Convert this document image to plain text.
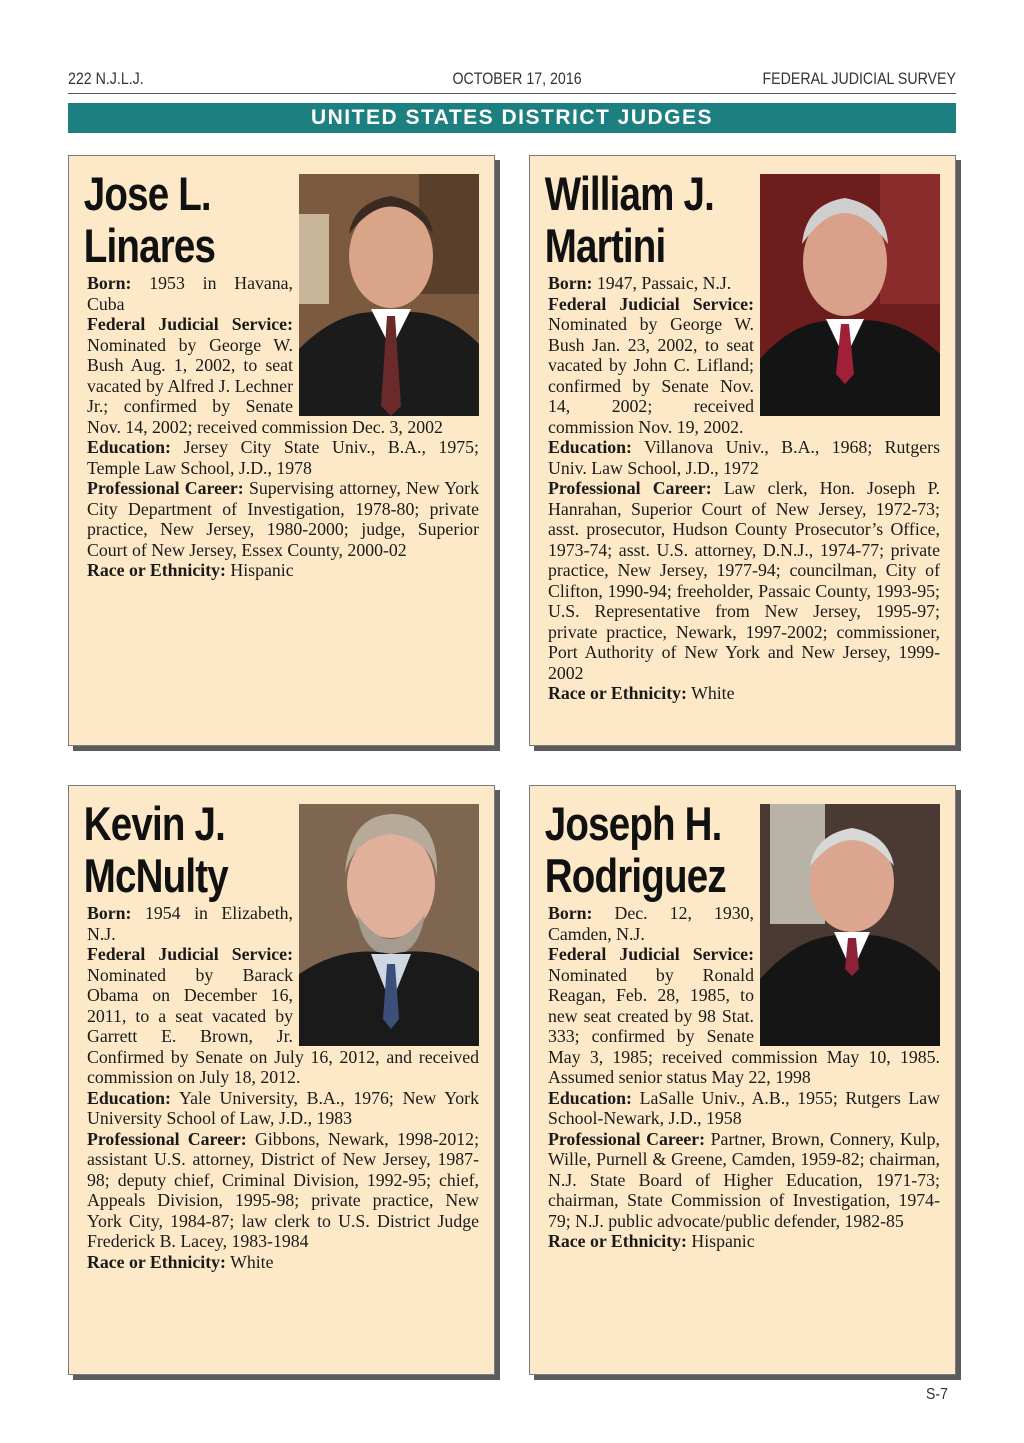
222 N.J.L.J.	OCTOBER 17, 2016	FEDERAL JUDICIAL SURVEY
UNITED STATES DISTRICT JUDGES
Jose L.
Linares
Born: 1953 in Havana, Cuba
Federal Judicial Service: Nominated by George W. Bush Aug. 1, 2002, to seat vacated by Alfred J. Lechner Jr.; confirmed by Senate Nov. 14, 2002; received commission Dec. 3, 2002
Education: Jersey City State Univ., B.A., 1975; Temple Law School, J.D., 1978
Professional Career: Supervising attorney, New York City Department of Investigation, 1978-80; private practice, New Jersey, 1980-2000; judge, Superior Court of New Jersey, Essex County, 2000-02
Race or Ethnicity: Hispanic
William J.
Martini
Born: 1947, Passaic, N.J.
Federal Judicial Service: Nominated by George W. Bush Jan. 23, 2002, to seat vacated by John C. Lifland; confirmed by Senate Nov. 14, 2002; received commission Nov. 19, 2002.
Education: Villanova Univ., B.A., 1968; Rutgers Univ. Law School, J.D., 1972
Professional Career: Law clerk, Hon. Joseph P. Hanrahan, Superior Court of New Jersey, 1972-73; asst. prosecutor, Hudson County Prosecutor’s Office, 1973-74; asst. U.S. attorney, D.N.J., 1974-77; private practice, New Jersey, 1977-94; councilman, City of Clifton, 1990-94; freeholder, Passaic County, 1993-95; U.S. Representative from New Jersey, 1995-97; private practice, Newark, 1997-2002; commissioner, Port Authority of New York and New Jersey, 1999-2002
Race or Ethnicity: White
Kevin J.
McNulty
Born: 1954 in Elizabeth, N.J.
Federal Judicial Service: Nominated by Barack Obama on December 16, 2011, to a seat vacated by Garrett E. Brown, Jr. Confirmed by Senate on July 16, 2012, and received commission on July 18, 2012.
Education: Yale University, B.A., 1976; New York University School of Law, J.D., 1983
Professional Career: Gibbons, Newark, 1998-2012; assistant U.S. attorney, District of New Jersey, 1987-98; deputy chief, Criminal Division, 1992-95; chief, Appeals Division, 1995-98; private practice, New York City, 1984-87; law clerk to U.S. District Judge Frederick B. Lacey, 1983-1984
Race or Ethnicity: White
Joseph H.
Rodriguez
Born: Dec. 12, 1930, Camden, N.J.
Federal Judicial Service: Nominated by Ronald Reagan, Feb. 28, 1985, to new seat created by 98 Stat. 333; confirmed by Senate May 3, 1985; received commission May 10, 1985. Assumed senior status May 22, 1998
Education: LaSalle Univ., A.B., 1955; Rutgers Law School-Newark, J.D., 1958
Professional Career: Partner, Brown, Connery, Kulp, Wille, Purnell & Greene, Camden, 1959-82; chairman, N.J. State Board of Higher Education, 1971-73; chairman, State Commission of Investigation, 1974-79; N.J. public advocate/public defender, 1982-85
Race or Ethnicity: Hispanic
S-7
